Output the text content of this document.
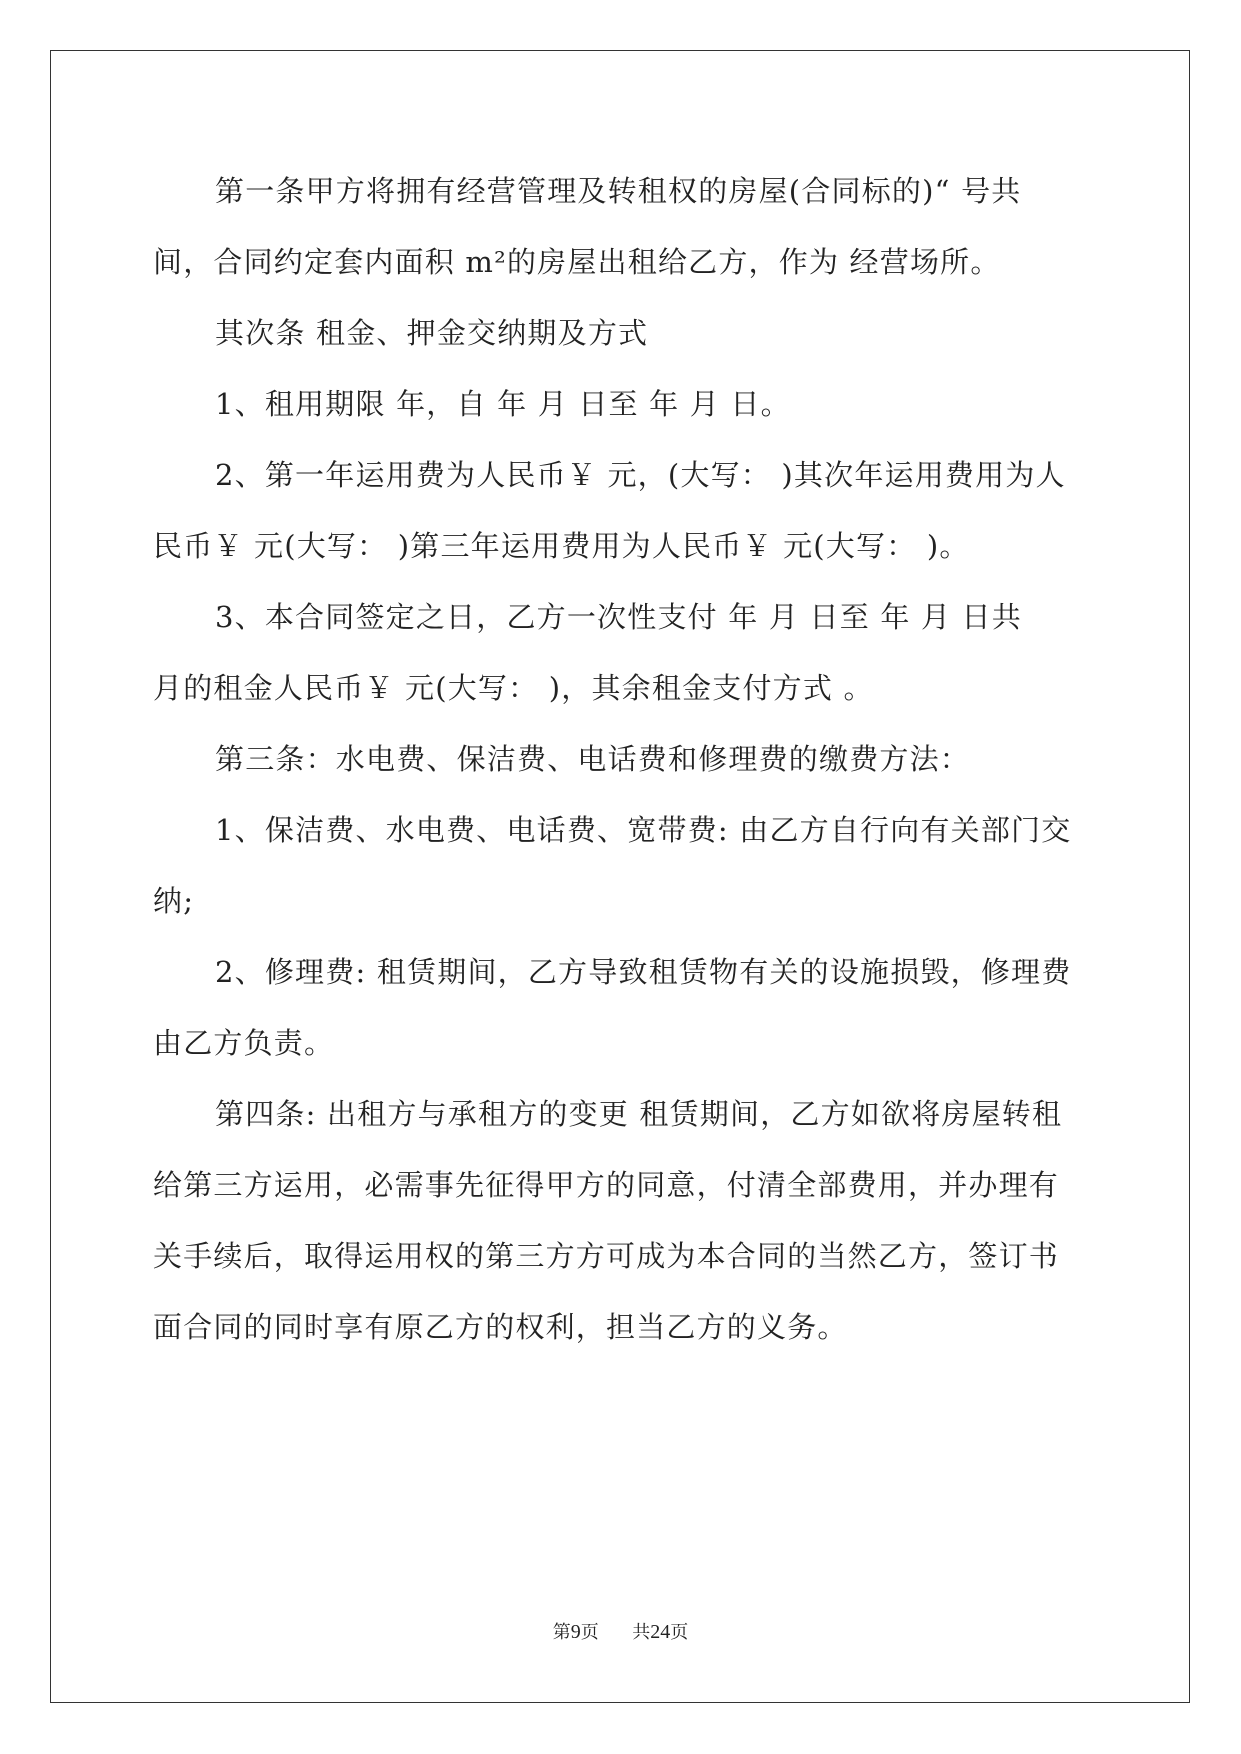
第一条甲方将拥有经营管理及转租权的房屋(合同标的)“ 号共
间，合同约定套内面积 m²的房屋出租给乙方，作为 经营场所。
其次条 租金、押金交纳期及方式
1、租用期限 年，自 年 月 日至 年 月 日。
2、第一年运用费为人民币￥ 元，(大写： )其次年运用费用为人
民币￥ 元(大写： )第三年运用费用为人民币￥ 元(大写： )。
3、本合同签定之日，乙方一次性支付 年 月 日至 年 月 日共
月的租金人民币￥ 元(大写： )，其余租金支付方式 。
第三条：水电费、保洁费、电话费和修理费的缴费方法：
1、保洁费、水电费、电话费、宽带费: 由乙方自行向有关部门交
纳;
2、修理费: 租赁期间，乙方导致租赁物有关的设施损毁，修理费
由乙方负责。
第四条: 出租方与承租方的变更 租赁期间，乙方如欲将房屋转租
给第三方运用，必需事先征得甲方的同意，付清全部费用，并办理有
关手续后，取得运用权的第三方方可成为本合同的当然乙方，签订书
面合同的同时享有原乙方的权利，担当乙方的义务。
第9页 共24页
